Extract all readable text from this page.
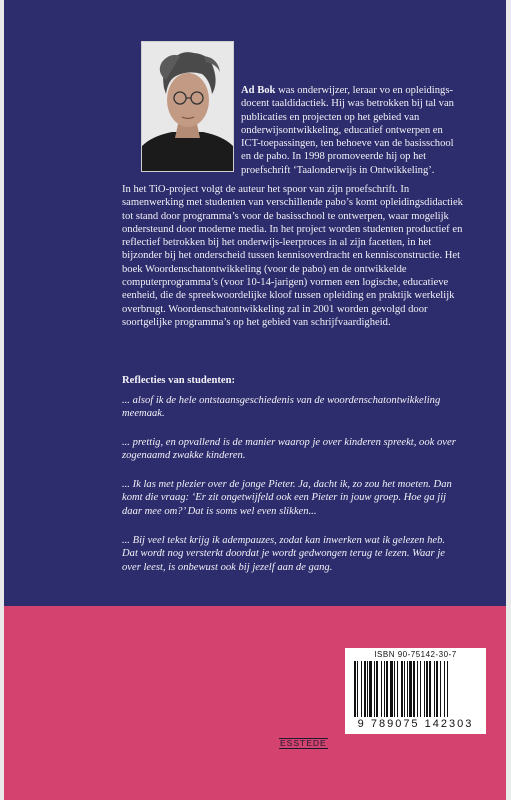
Ad Bok was onderwijzer, leraar vo en opleidingsdocent taaldidactiek. Hij was betrokken bij tal van publicaties en projecten op het gebied van onderwijsontwikkeling, educatief ontwerpen en ICT-toepassingen, ten behoeve van de basisschool en de pabo. In 1998 promoveerde hij op het proefschrift ‘Taalonderwijs in Ontwikkeling’.
In het TiO-project volgt de auteur het spoor van zijn proefschrift. In samenwerking met studenten van verschillende pabo’s komt opleidingsdidactiek tot stand door programma’s voor de basisschool te ontwerpen, waar mogelijk ondersteund door moderne media. In het project worden studenten productief en reflectief betrokken bij het onderwijs-leerproces in al zijn facetten, in het bijzonder bij het onderscheid tussen kennisoverdracht en kennisconstructie. Het boek Woordenschatontwikkeling (voor de pabo) en de ontwikkelde computerprogramma’s (voor 10-14-jarigen) vormen een logische, educatieve eenheid, die de spreekwoordelijke kloof tussen opleiding en praktijk werkelijk overbrugt. Woordenschatontwikkeling zal in 2001 worden gevolgd door soortgelijke programma’s op het gebied van schrijfvaardigheid.
Reflecties van studenten:
... alsof ik de hele ontstaansgeschiedenis van de woordenschatontwikkeling meemaak.
... prettig, en opvallend is de manier waarop je over kinderen spreekt, ook over zogenaamd zwakke kinderen.
... Ik las met plezier over de jonge Pieter. Ja, dacht ik, zo zou het moeten. Dan komt die vraag: ‘Er zit ongetwijfeld ook een Pieter in jouw groep. Hoe ga jij daar mee om?’ Dat is soms wel even slikken...
... Bij veel tekst krijg ik adempauzes, zodat kan inwerken wat ik gelezen heb. Dat wordt nog versterkt doordat je wordt gedwongen terug te lezen. Waar je over leest, is onbewust ook bij jezelf aan de gang.
ISBN 90-75142-30-7
9 789075 142303
ESSTEDE
